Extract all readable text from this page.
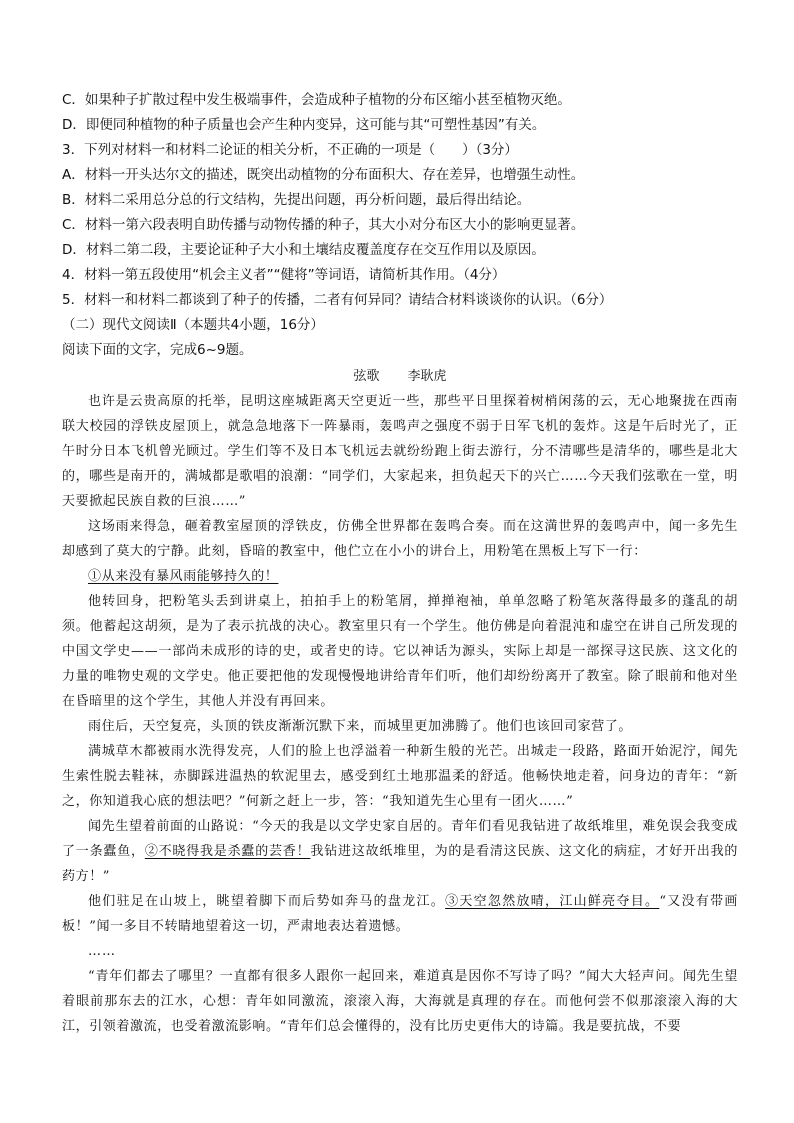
C．如果种子扩散过程中发生极端事件，会造成种子植物的分布区缩小甚至植物灭绝。
D．即便同种植物的种子质量也会产生种内变异，这可能与其“可塑性基因”有关。
3．下列对材料一和材料二论证的相关分析，不正确的一项是（　　）（3分）
A．材料一开头达尔文的描述，既突出动植物的分布面积大、存在差异，也增强生动性。
B．材料二采用总分总的行文结构，先提出问题，再分析问题，最后得出结论。
C．材料一第六段表明自助传播与动物传播的种子，其大小对分布区大小的影响更显著。
D．材料二第二段，主要论证种子大小和土壤结皮覆盖度存在交互作用以及原因。
4．材料一第五段使用“机会主义者”“健将”等词语，请简析其作用。（4分）
5．材料一和材料二都谈到了种子的传播，二者有何异同？请结合材料谈谈你的认识。（6分）
（二）现代文阅读Ⅱ（本题共4小题，16分）
阅读下面的文字，完成6~9题。
弦歌 李耿虎

也许是云贵高原的托举，昆明这座城距离天空更近一些，那些平日里探着树梢闲荡的云，无心地聚拢在西南联大校园的浮铁皮屋顶上，就急急地落下一阵暴雨，轰鸣声之强度不弱于日军飞机的轰炸。这是午后时光了，正午时分日本飞机曾光顾过。学生们等不及日本飞机远去就纷纷跑上街去游行，分不清哪些是清华的，哪些是北大的，哪些是南开的，满城都是歌唱的浪潮：“同学们，大家起来，担负起天下的兴亡……今天我们弦歌在一堂，明天要掀起民族自救的巨浪……”

这场雨来得急，砸着教室屋顶的浮铁皮，仿佛全世界都在轰鸣合奏。而在这満世界的轰鸣声中，闻一多先生却感到了莫大的宁静。此刻，昏暗的教室中，他伫立在小小的讲台上，用粉笔在黑板上写下一行：

①从来没有暴风雨能够持久的！

他转回身，把粉笔头丢到讲桌上，拍拍手上的粉笔屑，掸掸袍袖，单单忽略了粉笔灰落得最多的蓬乱的胡须。他蓄起这胡须，是为了表示抗战的决心。教室里只有一个学生。他仿佛是向着混沌和虚空在讲自己所发现的中国文学史——一部尚未成形的诗的史，或者史的诗。它以神话为源头，实际上却是一部探寻这民族、这文化的力量的唯物史观的文学史。他正要把他的发现慢慢地讲给青年们听，他们却纷纷离开了教室。除了眼前和他对坐在昏暗里的这个学生，其他人并没有再回来。

雨住后，天空复亮，头顶的铁皮渐渐沉默下来，而城里更加沸腾了。他们也该回司家营了。

满城草木都被雨水洗得发亮，人们的脸上也浮溢着一种新生般的光芒。出城走一段路，路面开始泥泞，闻先生索性脱去鞋袜，赤脚踩进温热的软泥里去，感受到红土地那温柔的舒适。他畅快地走着，问身边的青年：“新之，你知道我心底的想法吧？”何新之赶上一步，答：“我知道先生心里有一团火……”

闻先生望着前面的山路说：“今天的我是以文学史家自居的。青年们看见我钻进了故纸堆里，难免误会我变成了一条蠹鱼，②不晓得我是杀蠹的芸香！我钻进这故纸堆里，为的是看清这民族、这文化的病症，才好开出我的药方！”

他们驻足在山坡上，眺望着脚下而后势如奔马的盘龙江。③天空忽然放晴，江山鲜亮夺目。“又没有带画板！”闻一多目不转睛地望着这一切，严肃地表达着遗憾。

……

“青年们都去了哪里？一直都有很多人跟你一起回来，难道真是因你不写诗了吗？”闻大大轻声问。闻先生望着眼前那东去的江水，心想：青年如同激流，滚滚入海，大海就是真理的存在。而他何尝不似那滚滚入海的大江，引领着激流，也受着激流影响。“青年们总会懂得的，没有比历史更伟大的诗篇。我是要抗战，不要
